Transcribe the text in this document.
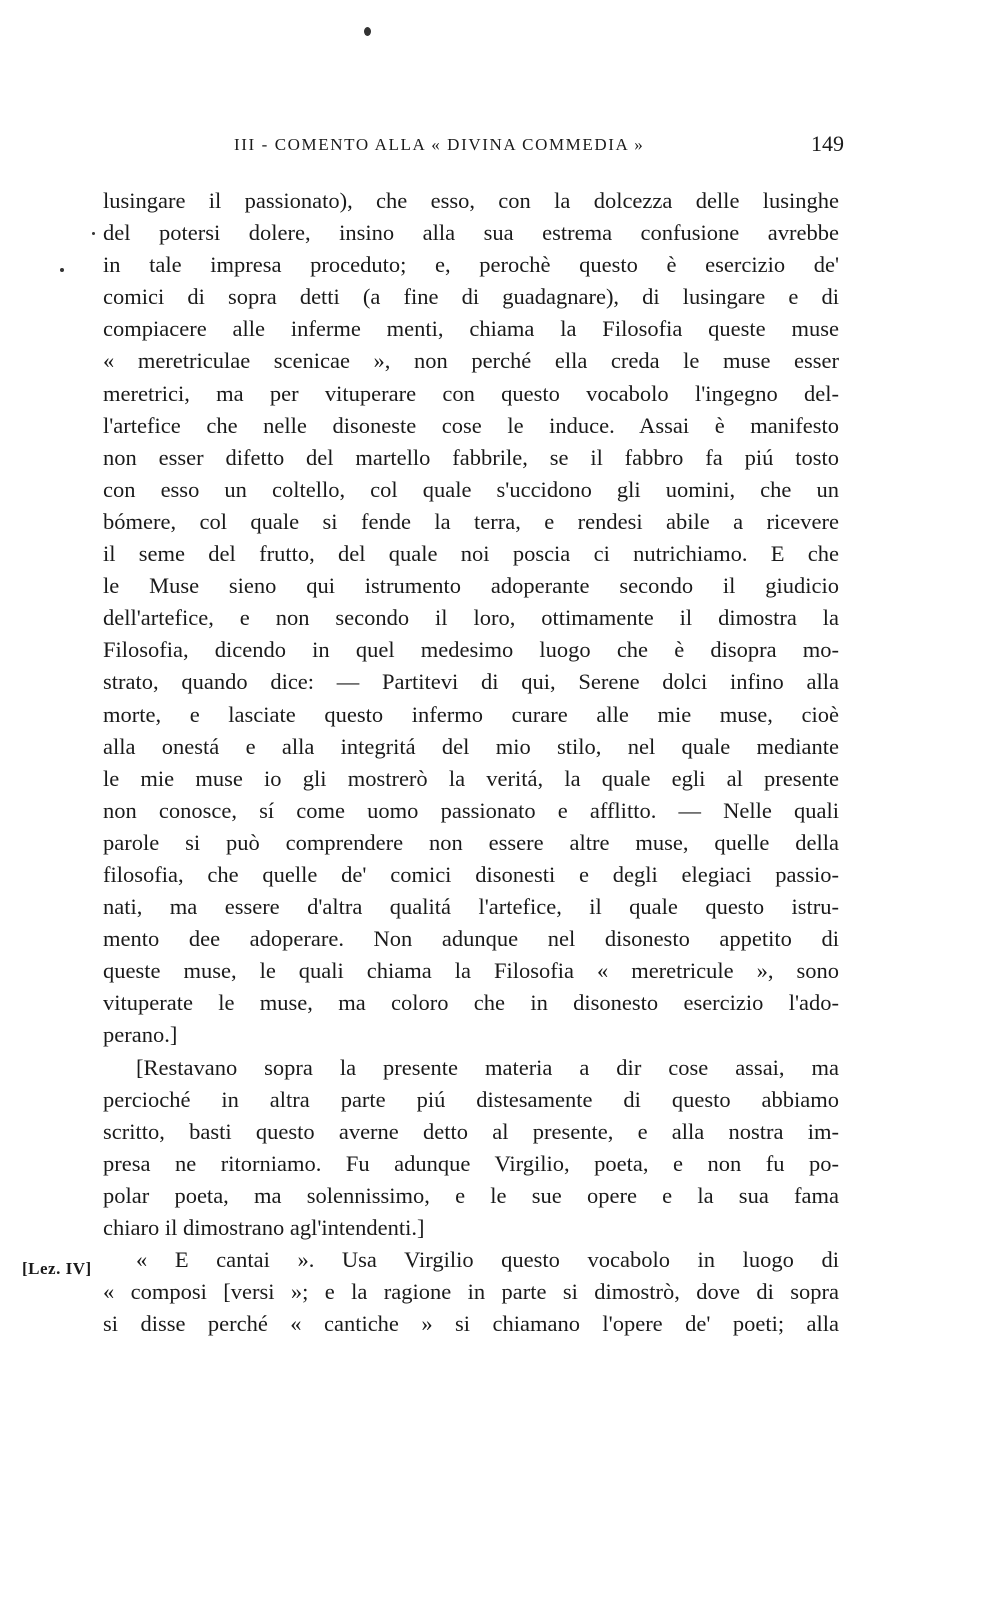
III - COMENTO ALLA « DIVINA COMMEDIA »	149
[Lez. IV]
lusingare il passionato), che esso, con la dolcezza delle lusinghe
del potersi dolere, insino alla sua estrema confusione avrebbe
in tale impresa proceduto; e, perochè questo è esercizio de'
comici di sopra detti (a fine di guadagnare), di lusingare e di
compiacere alle inferme menti, chiama la Filosofia queste muse
« meretriculae scenicae », non perché ella creda le muse esser
meretrici, ma per vituperare con questo vocabolo l'ingegno del-
l'artefice che nelle disoneste cose le induce. Assai è manifesto
non esser difetto del martello fabbrile, se il fabbro fa piú tosto
con esso un coltello, col quale s'uccidono gli uomini, che un
bómere, col quale si fende la terra, e rendesi abile a ricevere
il seme del frutto, del quale noi poscia ci nutrichiamo. E che
le Muse sieno qui istrumento adoperante secondo il giudicio
dell'artefice, e non secondo il loro, ottimamente il dimostra la
Filosofia, dicendo in quel medesimo luogo che è disopra mo-
strato, quando dice: — Partitevi di qui, Serene dolci infino alla
morte, e lasciate questo infermo curare alle mie muse, cioè
alla onestá e alla integritá del mio stilo, nel quale mediante
le mie muse io gli mostrerò la veritá, la quale egli al presente
non conosce, sí come uomo passionato e afflitto. — Nelle quali
parole si può comprendere non essere altre muse, quelle della
filosofia, che quelle de' comici disonesti e degli elegiaci passio-
nati, ma essere d'altra qualitá l'artefice, il quale questo istru-
mento dee adoperare. Non adunque nel disonesto appetito di
queste muse, le quali chiama la Filosofia « meretricule », sono
vituperate le muse, ma coloro che in disonesto esercizio l'ado-
perano.]
[Restavano sopra la presente materia a dir cose assai, ma
percioché in altra parte piú distesamente di questo abbiamo
scritto, basti questo averne detto al presente, e alla nostra im-
presa ne ritorniamo. Fu adunque Virgilio, poeta, e non fu po-
polar poeta, ma solennissimo, e le sue opere e la sua fama
chiaro il dimostrano agl'intendenti.]
« E cantai ». Usa Virgilio questo vocabolo in luogo di
« composi [versi »; e la ragione in parte si dimostrò, dove di sopra
si disse perché « cantiche » si chiamano l'opere de' poeti; alla
